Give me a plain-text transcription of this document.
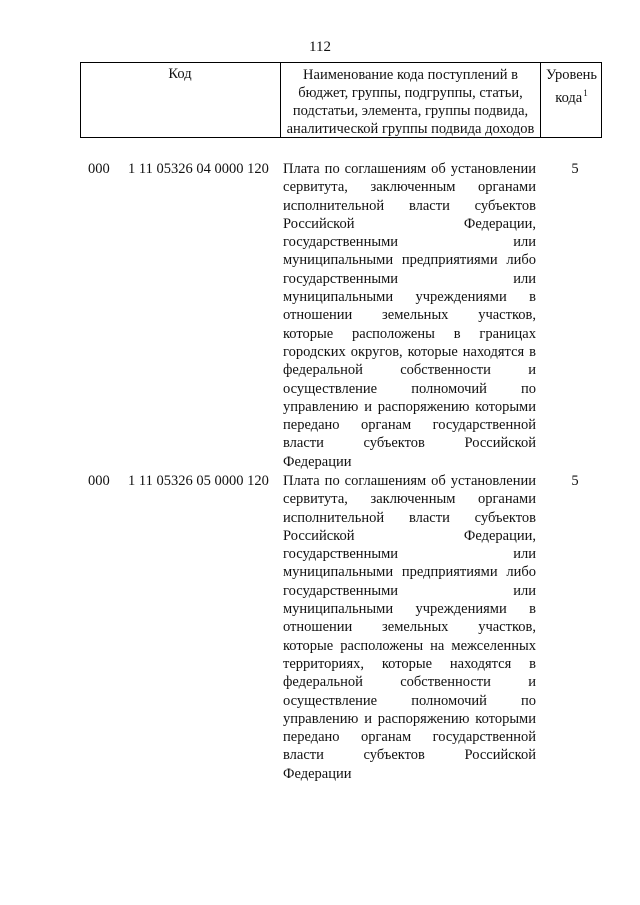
112
Код	Наименование кода поступлений в
бюджет, группы, подгруппы, статьи,
подстатьи, элемента, группы подвида,
аналитической группы подвида доходов
Уровень
кода$^1$
000 1 11 05326 04 0000 120 Плата по соглашениям об установлении
сервитута, заключенным органами
исполнительной власти субъектов
Российской Федерации,
государственными или
муниципальными предприятиями либо
государственными или
муниципальными учреждениями в
отношении земельных участков,
которые расположены в границах
городских округов, которые находятся в
федеральной собственности и
осуществление полномочий по
управлению и распоряжению которыми
передано органам государственной
власти субъектов Российской
Федерации
5
000 1 11 05326 05 0000 120 Плата по соглашениям об установлении
сервитута, заключенным органами
исполнительной власти субъектов
Российской Федерации,
государственными или
муниципальными предприятиями либо
государственными или
муниципальными учреждениями в
отношении земельных участков,
которые расположены на межселенных
территориях, которые находятся в
федеральной собственности и
осуществление полномочий по
управлению и распоряжению которыми
передано органам государственной
власти субъектов Российской
Федерации
5
